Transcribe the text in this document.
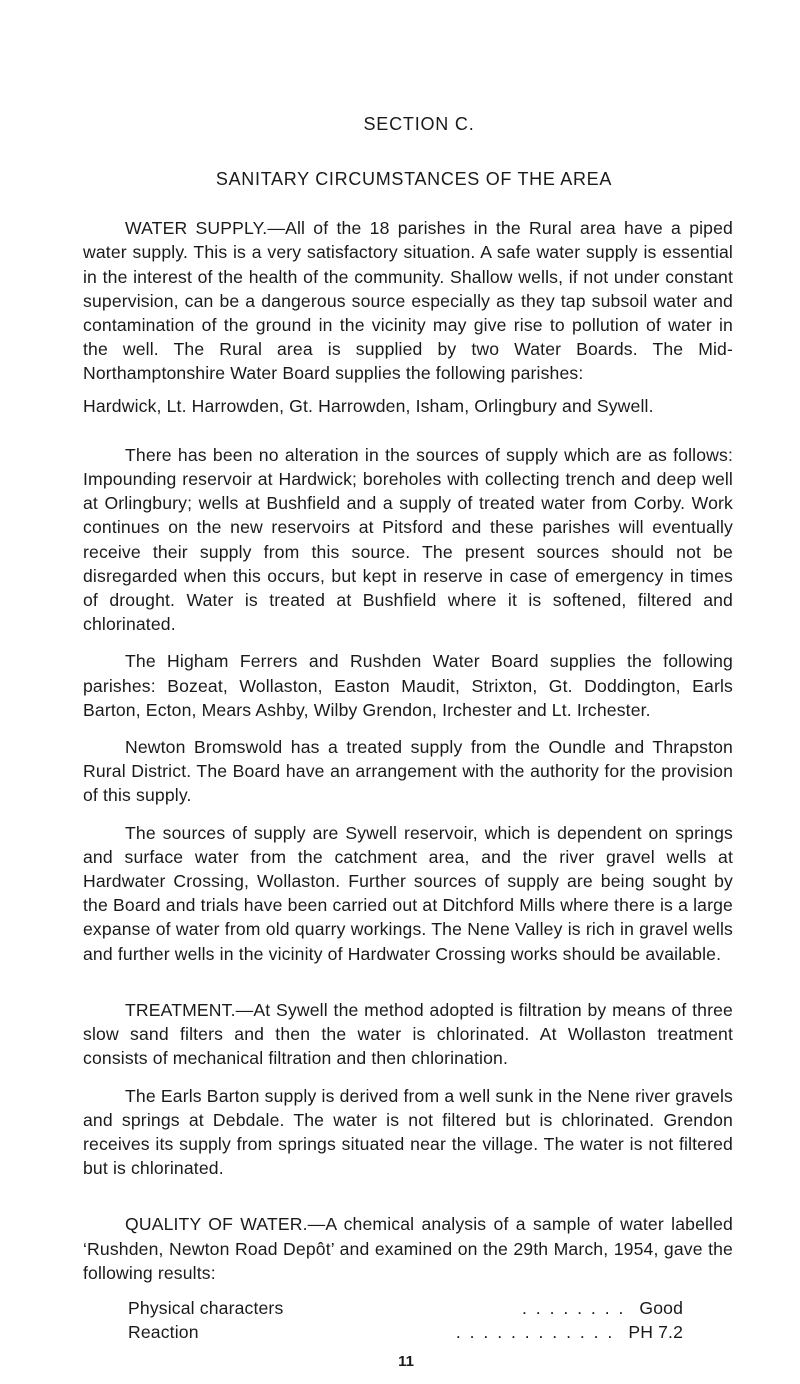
SECTION C.
SANITARY CIRCUMSTANCES OF THE AREA

WATER SUPPLY.—All of the 18 parishes in the Rural area have a piped water supply. This is a very satisfactory situation. A safe water supply is essential in the interest of the health of the community. Shallow wells, if not under constant supervision, can be a dangerous source especially as they tap subsoil water and contamination of the ground in the vicinity may give rise to pollution of water in the well. The Rural area is supplied by two Water Boards. The Mid-Northamptonshire Water Board supplies the following parishes:

Hardwick, Lt. Harrowden, Gt. Harrowden, Isham, Orlingbury and Sywell.

There has been no alteration in the sources of supply which are as follows: Impounding reservoir at Hardwick; boreholes with collecting trench and deep well at Orlingbury; wells at Bushfield and a supply of treated water from Corby. Work continues on the new reservoirs at Pitsford and these parishes will eventually receive their supply from this source. The present sources should not be disregarded when this occurs, but kept in reserve in case of emergency in times of drought. Water is treated at Bushfield where it is softened, filtered and chlorinated.

The Higham Ferrers and Rushden Water Board supplies the following parishes: Bozeat, Wollaston, Easton Maudit, Strixton, Gt. Doddington, Earls Barton, Ecton, Mears Ashby, Wilby Grendon, Irchester and Lt. Irchester.

Newton Bromswold has a treated supply from the Oundle and Thrapston Rural District. The Board have an arrangement with the authority for the provision of this supply.

The sources of supply are Sywell reservoir, which is dependent on springs and surface water from the catchment area, and the river gravel wells at Hardwater Crossing, Wollaston. Further sources of supply are being sought by the Board and trials have been carried out at Ditchford Mills where there is a large expanse of water from old quarry workings. The Nene Valley is rich in gravel wells and further wells in the vicinity of Hardwater Crossing works should be available.

TREATMENT.—At Sywell the method adopted is filtration by means of three slow sand filters and then the water is chlorinated. At Wollaston treatment consists of mechanical filtration and then chlorination.

The Earls Barton supply is derived from a well sunk in the Nene river gravels and springs at Debdale. The water is not filtered but is chlorinated. Grendon receives its supply from springs situated near the village. The water is not filtered but is chlorinated.

QUALITY OF WATER.—A chemical analysis of a sample of water labelled ‘Rushden, Newton Road Depôt’ and examined on the 29th March, 1954, gave the following results:

Physical characters	. . . . . . . . Good
Reaction	. . . . . . . . . . . . PH 7.2
11
